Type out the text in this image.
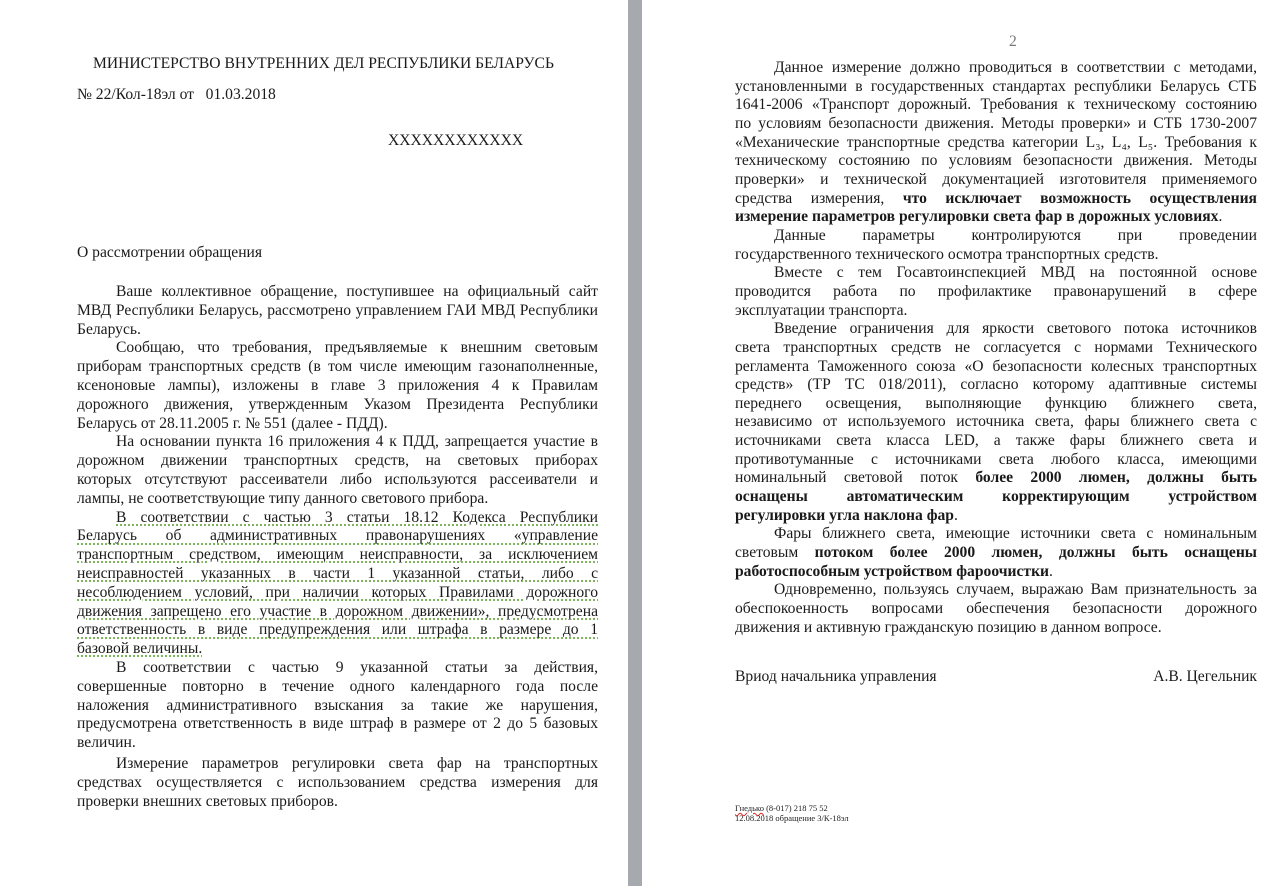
МИНИСТЕРСТВО ВНУТРЕННИХ ДЕЛ РЕСПУБЛИКИ БЕЛАРУСЬ
№ 22/Кол-18эл от   01.03.2018
XXXXXXXXXXXX
О рассмотрении обращения
Ваше коллективное обращение, поступившее на официальный сайт
МВД Республики Беларусь, рассмотрено управлением ГАИ МВД Республики
Беларусь.
Сообщаю, что требования, предъявляемые к внешним световым
приборам транспортных средств (в том числе имеющим газонаполненные,
ксеноновые лампы), изложены в главе 3 приложения 4 к Правилам
дорожного движения, утвержденным Указом Президента Республики
Беларусь от 28.11.2005 г. № 551 (далее - ПДД).
На основании пункта 16 приложения 4 к ПДД, запрещается участие в
дорожном движении транспортных средств, на световых приборах
которых отсутствуют рассеиватели либо используются рассеиватели и
лампы, не соответствующие типу данного светового прибора.
В соответствии с частью 3 статьи 18.12 Кодекса Республики
Беларусь об административных правонарушениях «управление
транспортным средством, имеющим неисправности, за исключением
неисправностей указанных в части 1 указанной статьи, либо с
несоблюдением условий, при наличии которых Правилами дорожного
движения запрещено его участие в дорожном движении», предусмотрена
ответственность в виде предупреждения или штрафа в размере до 1
базовой величины.
В соответствии с частью 9 указанной статьи за действия,
совершенные повторно в течение одного календарного года после
наложения административного взыскания за такие же нарушения,
предусмотрена ответственность в виде штраф в размере от 2 до 5 базовых
величин.
Измерение параметров регулировки света фар на транспортных
средствах осуществляется с использованием средства измерения для
проверки внешних световых приборов.
2
Данное измерение должно проводиться в соответствии с методами,
установленными в государственных стандартах республики Беларусь СТБ
1641-2006 «Транспорт дорожный. Требования к техническому состоянию
по условиям безопасности движения. Методы проверки» и СТБ 1730-2007
«Механические транспортные средства категории L₃, L₄, L₅. Требования к
техническому состоянию по условиям безопасности движения. Методы
проверки» и технической документацией изготовителя применяемого
средства измерения, что исключает возможность осуществления
измерение параметров регулировки света фар в дорожных условиях.
Данные параметры контролируются при проведении
государственного технического осмотра транспортных средств.
Вместе с тем Госавтоинспекцией МВД на постоянной основе
проводится работа по профилактике правонарушений в сфере
эксплуатации транспорта.
Введение ограничения для яркости светового потока источников
света транспортных средств не согласуется с нормами Технического
регламента Таможенного союза «О безопасности колесных транспортных
средств» (ТР ТС 018/2011), согласно которому адаптивные системы
переднего освещения, выполняющие функцию ближнего света,
независимо от используемого источника света, фары ближнего света с
источниками света класса LED, а также фары ближнего света и
противотуманные с источниками света любого класса, имеющими
номинальный световой поток более 2000 люмен, должны быть
оснащены автоматическим корректирующим устройством
регулировки угла наклона фар.
Фары ближнего света, имеющие источники света с номинальным
световым потоком более 2000 люмен, должны быть оснащены
работоспособным устройством фароочистки.
Одновременно, пользуясь случаем, выражаю Вам признательность за
обеспокоенность вопросами обеспечения безопасности дорожного
движения и активную гражданскую позицию в данном вопросе.
Вриод начальника управления	А.В. Цегельник
Гнедько (8-017) 218 75 52
12.08.2018 обращение 3/К-18эл
